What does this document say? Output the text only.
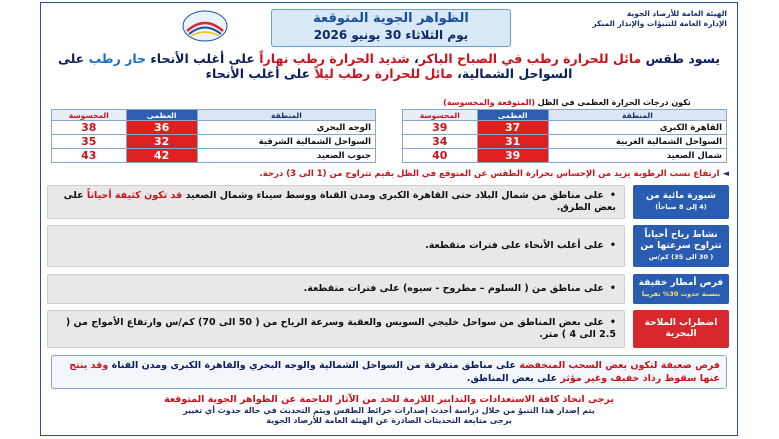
الهيئة العامة للأرصاد الجوية
الإدارة العامة للتنبؤات والإنذار المبكر
الظواهر الجوية المتوقعة
يوم الثلاثاء 30 يونيو 2026
يسود طقس مائل للحرارة رطب في الصباح الباكر، شديد الحرارة رطب نهاراً على أغلب الأنحاء حار رطب على السواحل الشمالية، مائل للحرارة رطب ليلاً على أغلب الأنحاء
تكون درجات الحرارة العظمى في الظل (المتوقعة والمحسوسة)
المنطقة	العظمى	المحسوسة
القاهرة الكبرى	37	39
السواحل الشمالية الغربية	31	34
شمال الصعيد	39	40
المنطقة	العظمى	المحسوسة
الوجه البحري	36	38
السواحل الشمالية الشرقية	32	35
جنوب الصعيد	42	43
◄ ارتفاع نسب الرطوبة يزيد من الإحساس بحرارة الطقس عن المتوقع في الظل بقيم تتراوح من (1 الى 3) درجة.
شبورة مائية من
(4 إلى 8 صباحاً)
•على مناطق من شمال البلاد حتى القاهرة الكبرى ومدن القناة ووسط سيناء وشمال الصعيد قد تكون كثيفة أحياناً على بعض الطرق.
نشاط رياح أحياناً تتراوح سرعتها من
( 30 الى 35) كم/س
•على أغلب الأنحاء على فترات متقطعة.
فرص أمطار خفيفة
بنسبة حدوث 30% تقريبا
•على مناطق من ( السلوم – مطروح - سيوه) على فترات متقطعة.
اضطراب الملاحة البحرية
•على بعض المناطق من سواحل خليجي السويس والعقبة وسرعة الرياح من ( 50 الى 70) كم/س وارتفاع الأمواج من ( 2.5 الى 4 ) متر.
فرص ضعيفة لتكون بعض السحب المنخفضة على مناطق متفرقة من السواحل الشمالية والوجه البحري والقاهرة الكبرى ومدن القناة وقد ينتج عنها سقوط رذاذ خفيف وغير مؤثر على بعض المناطق.
يرجى اتخاذ كافة الاستعدادات والتدابير اللازمة للحد من الآثار الناجمة عن الظواهر الجوية المتوقعة
يتم إصدار هذا التنبؤ من خلال دراسة أحدث إصدارات خرائط الطقس ويتم التحديث في حالة حدوث أي تغيير
يرجى متابعة التحديثات الصادرة عن الهيئة العامة للأرصاد الجوية
